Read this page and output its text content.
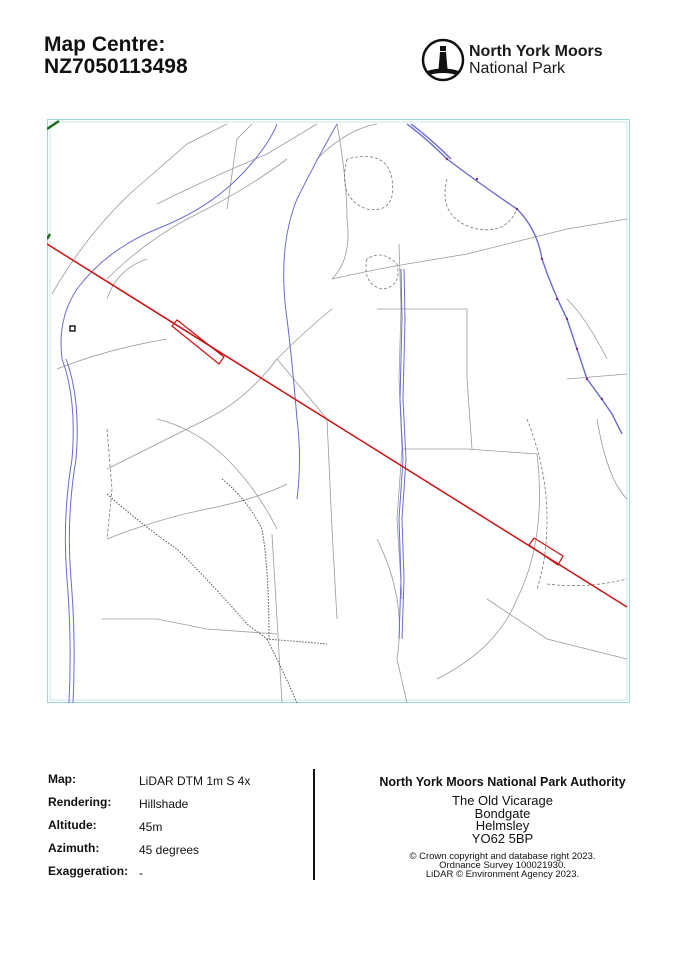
Map Centre:
NZ7050113498
North York Moors
National Park
Map:	LiDAR DTM 1m S 4x
Rendering: Hillshade
Altitude:	45m
Azimuth:	45 degrees
Exaggeration: -
North York Moors National Park Authority
The Old Vicarage
Bondgate
Helmsley
YO62 5BP
© Crown copyright and database right 2023.
Ordnance Survey 100021930.
LiDAR © Environment Agency 2023.
